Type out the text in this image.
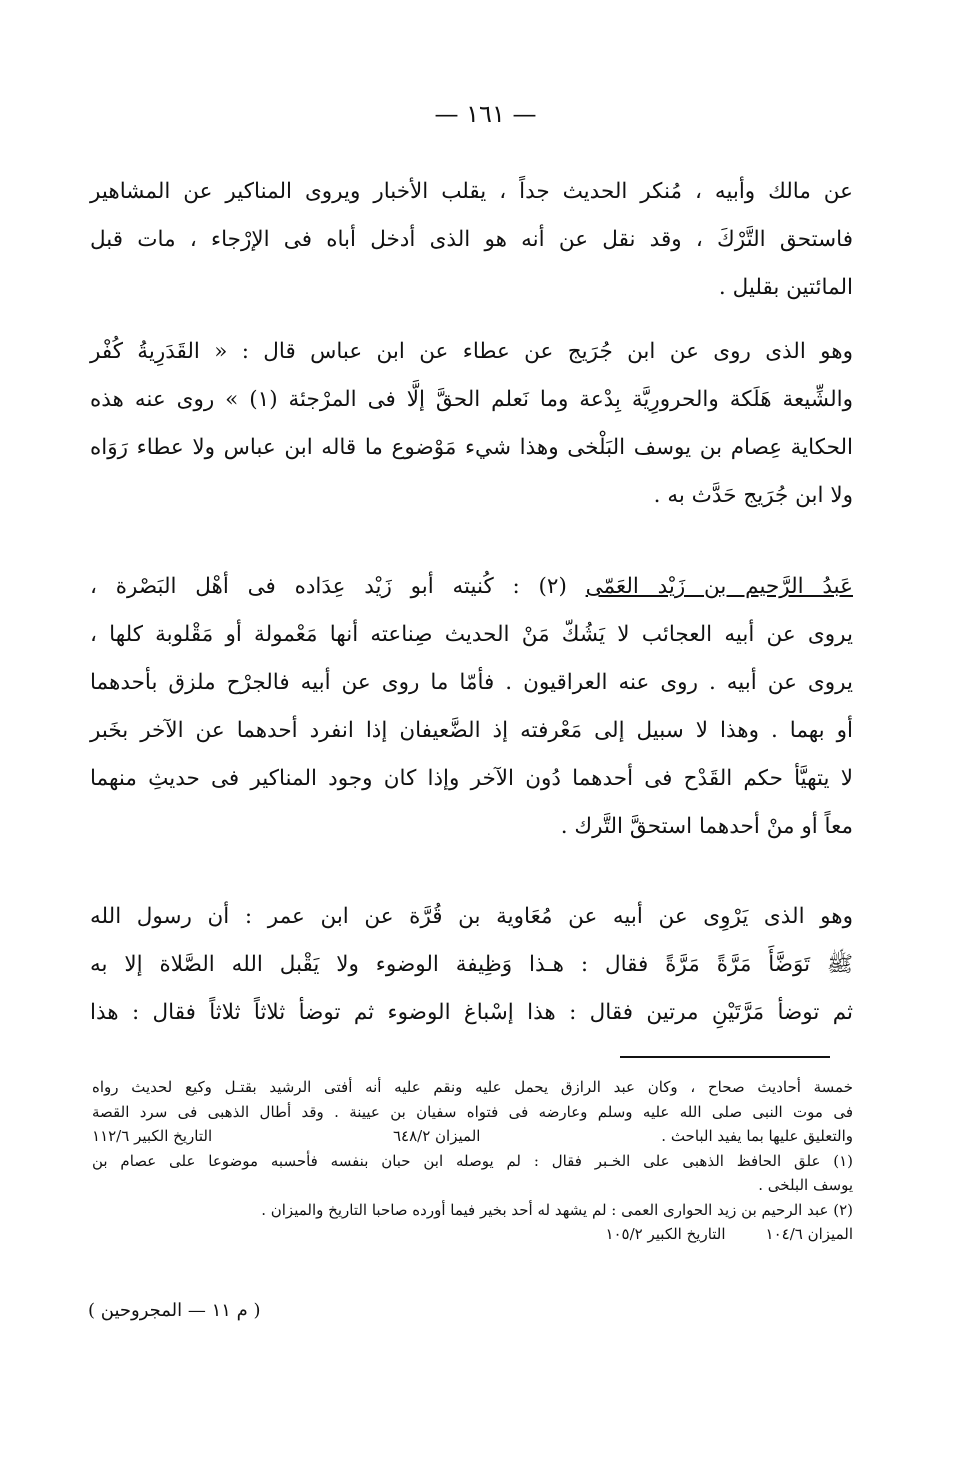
— ١٦١ —
عن مالك وأبيه ، مُنكر الحديث جداً ، يقلب الأخبار ويروى المناكير عن المشاهير
فاستحق التَّرْكَ ، وقد نقل عن أنه هو الذى أدخل أباه فى الإرْجاء ، مات قبل
المائتين بقليل .
وهو الذى روى عن ابن جُرَيج عن عطاء عن ابن عباس قال : « القَدَرِيةُ كُفْر
والشِّيعة هَلَكة والحرورِيَّة بِدْعة وما نَعلم الحقَّ إلَّا فى المرْجئة (١) » روى عنه هذه
الحكاية عِصام بن يوسف البَلْخى وهذا شيء مَوْضوع ما قاله ابن عباس ولا عطاء رَوَاه
ولا ابن جُرَيج حَدَّث به .
عَبدُ الرَّحيم بن زَيْد العَمّى (٢) : كُنيته أبو زَيْد عِدَاده فى أهْل البَصْرة ،
يروى عن أبيه العجائب لا يَشُكّ مَنْ الحديث صِناعته أنها مَعْمولة أو مَقْلوبة كلها ،
يروى عن أبيه . روى عنه العراقيون . فأمّا ما روى عن أبيه فالجرْح ملزق بأحدهما
أو بهما . وهذا لا سبيل إلى مَعْرفته إذ الضَّعيفان إذا انفرد أحدهما عن الآخر بخَبر
لا يتهيَّأ حكم القَدْح فى أحدهما دُون الآخر وإذا كان وجود المناكير فى حديثِ منهما
معاً أو منْ أحدهما استحقَّ التَّرك .
وهو الذى يَرْوِى عن أبيه عن مُعَاوية بن قُرَّة عن ابن عمر : أن رسول الله
ﷺ تَوَضَّأَ مَرَّةً مَرَّةً فقال : هـذا وَظِيفة الوضوء ولا يَقْبل الله الصَّلاة إلا به
ثم توضأ مَرَّتَيْنِ مرتين فقال : هذا إسْباغ الوضوء ثم توضأ ثلاثاً ثلاثاً فقال : هذا
خمسة أحاديث صحاح ، وكان عبد الرازق يحمل عليه ونقم عليه أنه أفتى الرشيد بقتـل وكيع لحديث رواه
فى موت النبى صلى الله عليه وسلم وعارضه فى فتواه سفيان بن عيينة . وقد أطال الذهبى فى سرد القصة
والتعليق عليها بما يفيد الباحث .
الميزان ٦٤٨/٢
التاريخ الكبير ١١٢/٦
(١) علق الحافظ الذهبى على الخـبر فقال : لم يوصله ابن حبان بنفسه فأحسبه موضوعا على عصام بن
يوسف البلخى .
(٢) عبد الرحيم بن زيد الحوارى العمى : لم يشهد له أحد بخير فيما أورده صاحبا التاريخ والميزان .
الميزان ١٠٤/٦
التاريخ الكبير ١٠٥/٢
( م ١١ — المجروحين )
